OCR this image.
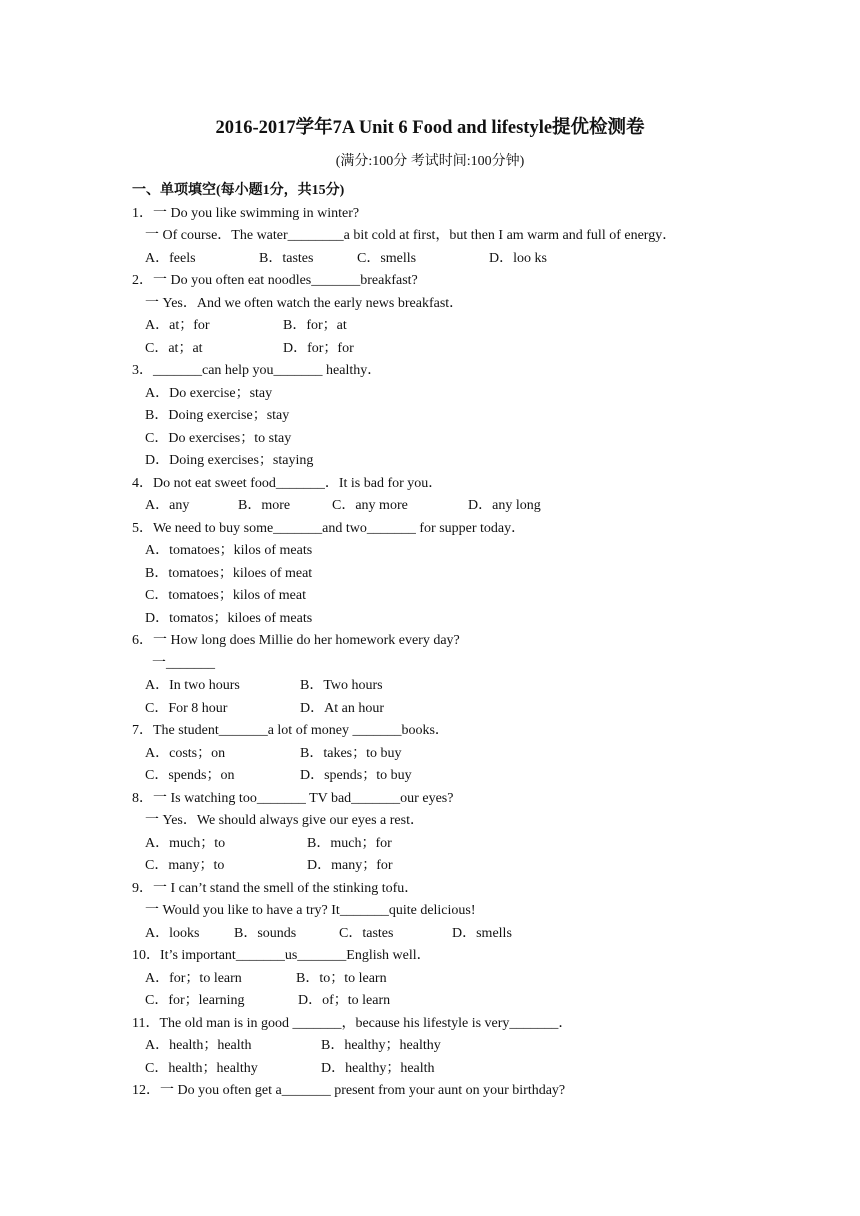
2016-2017学年7A Unit 6 Food and lifestyle提优检测卷
(满分:100分 考试时间:100分钟)
一、单项填空(每小题1分，共15分)
1．一 Do you like swimming in winter?
一 Of course．The water________a bit cold at first，but then I am warm and full of energy．
A．feels	B．tastes	C．smells	D．loo ks
2．一 Do you often eat noodles_______breakfast?
一 Yes．And we often watch the early news breakfast．
A．at；for	B．for；at
C．at；at	D．for；for
3．_______can help you_______ healthy．
A．Do exercise；stay
B．Doing exercise；stay
C．Do exercises；to stay
D．Doing exercises；staying
4．Do not eat sweet food_______．It is bad for you．
A．any	B．more	C．any more	D．any long
5．We need to buy some_______and two_______ for supper today．
A．tomatoes；kilos of meats
B．tomatoes；kiloes of meat
C．tomatoes；kilos of meat
D．tomatos；kiloes of meats
6．一 How long does Millie do her homework every day?
一_______
A．In two hours	B．Two hours
C．For 8 hour	D．At an hour
7．The student_______a lot of money _______books．
A．costs；on	B．takes；to buy
C．spends；on	D．spends；to buy
8．一 Is watching too_______ TV bad_______our eyes?
一 Yes．We should always give our eyes a rest．
A．much；to	B．much；for
C．many；to	D．many；for
9．一 I can’t stand the smell of the stinking tofu．
一 Would you like to have a try? It_______quite delicious!
A．looks B．sounds	C．tastes	D．smells
10．It’s important_______us_______English well．
A．for；to learn	B．to；to learn
C．for；learning	D．of；to learn
11．The old man is in good _______，because his lifestyle is very_______．
A．health；health	B．healthy；healthy
C．health；healthy	D．healthy；health
12．一 Do you often get a_______ present from your aunt on your birthday?
